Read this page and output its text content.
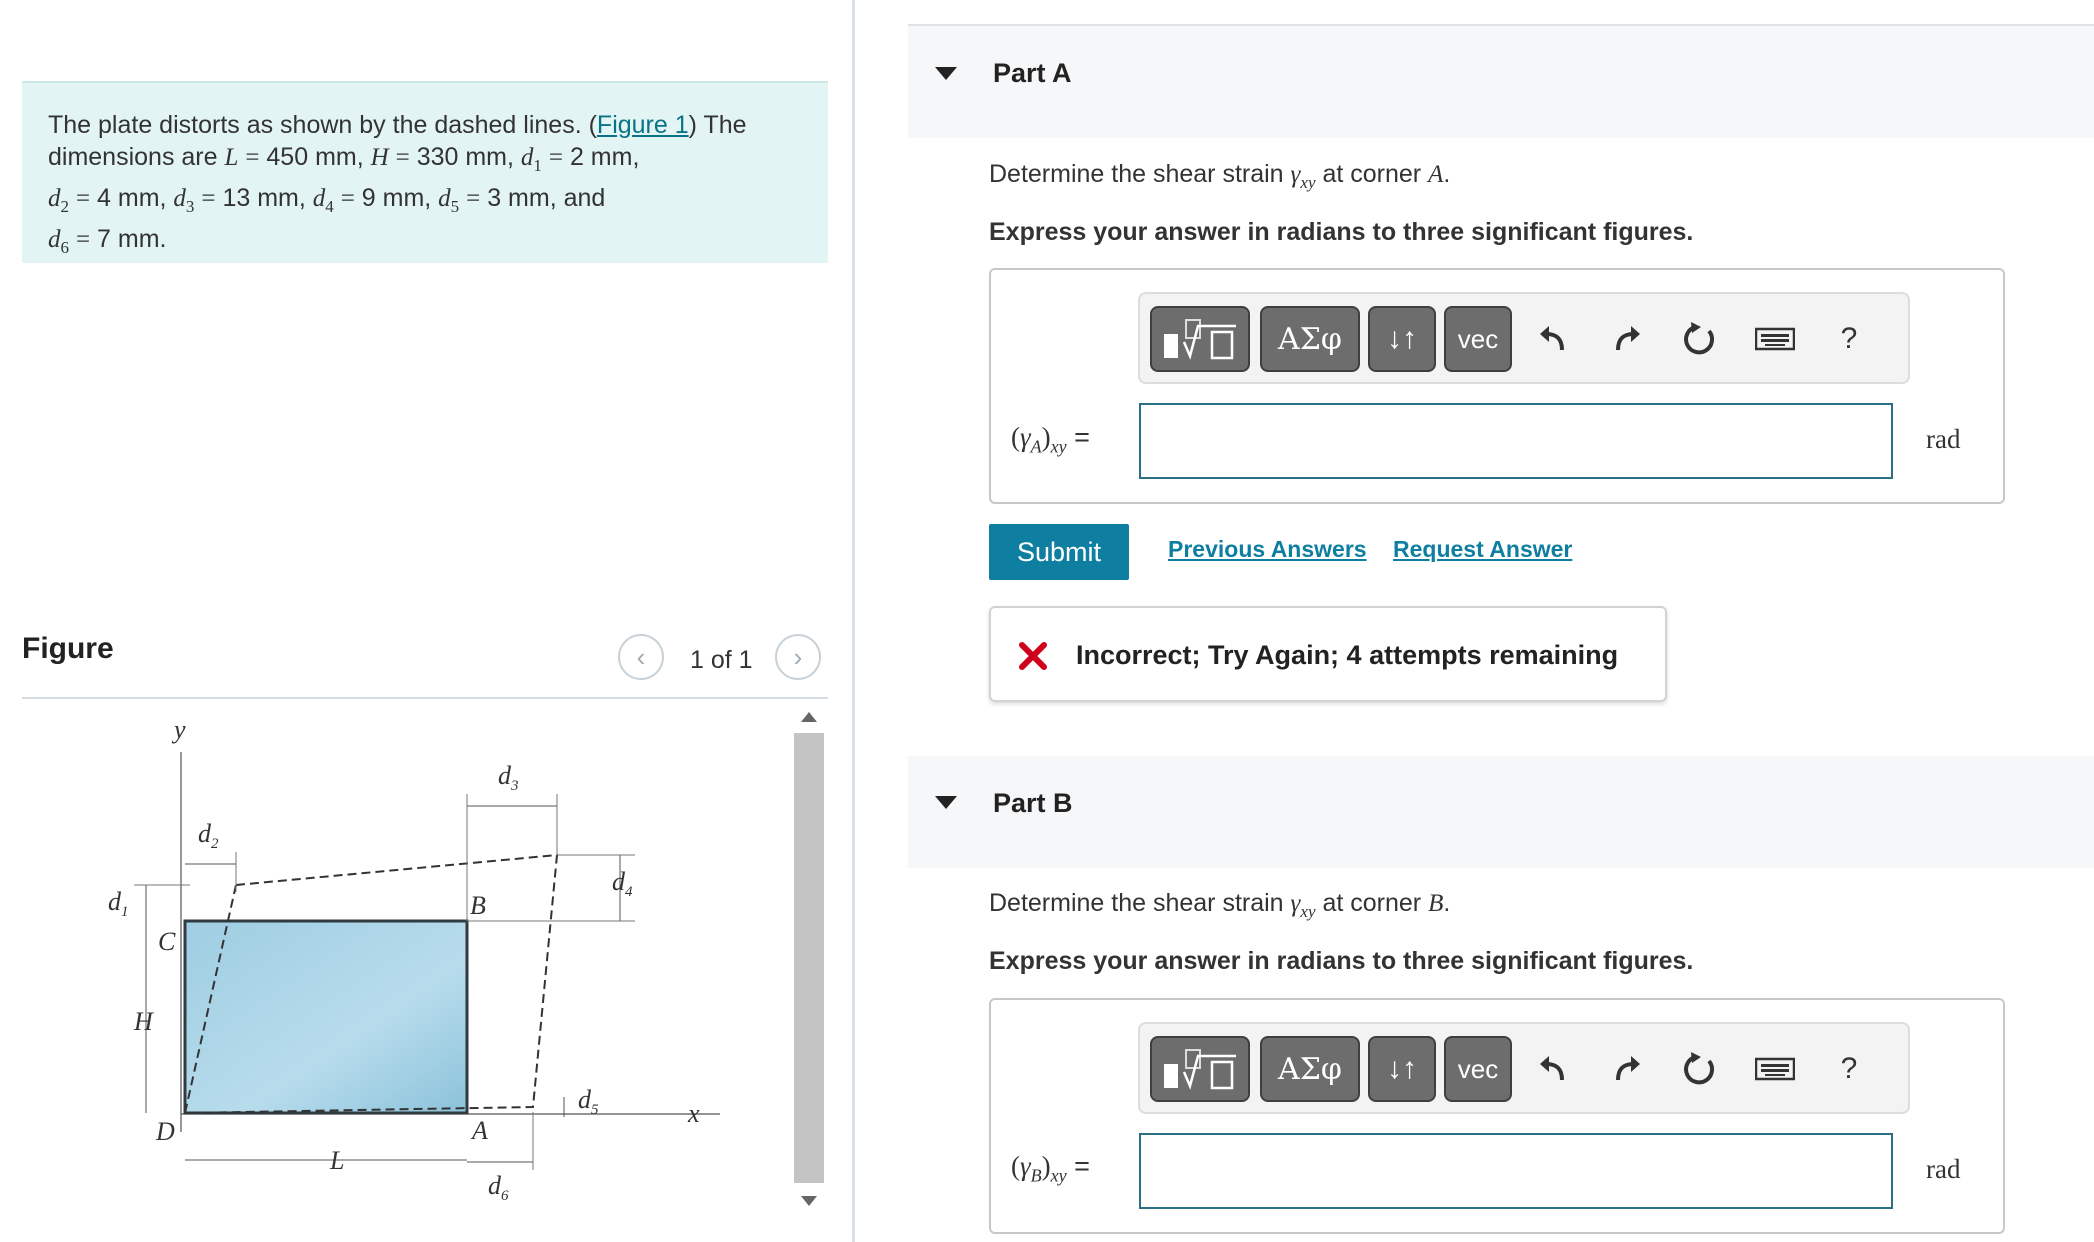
The plate distorts as shown by the dashed lines. (Figure 1) The
dimensions are L = 450 mm, H = 330 mm, $d_1 = 2$ mm,
$d_2 = 4$ mm, $d_3 = 13$ mm, $d_4 = 9$ mm, $d_5 = 3$ mm, and
$d_6 = 7$ mm.
Figure	‹ 1 of 1 ›
y
x
B
C
A
D
H
L
$d_1$
$d_2$
$d_3$
$d_4$
$d_5$
$d_6$
Part A
Determine the shear strain $\gamma_{xy}$ at corner A.
Express your answer in radians to three significant figures.
ΑΣφ	↓↑	vec	?
$(\gamma_A)_{xy}$ =	rad
Submit	Previous Answers Request Answer
Incorrect; Try Again; 4 attempts remaining
Part B
Determine the shear strain $\gamma_{xy}$ at corner B.
Express your answer in radians to three significant figures.
ΑΣφ	↓↑	vec	?
$(\gamma_B)_{xy}$ =	rad
